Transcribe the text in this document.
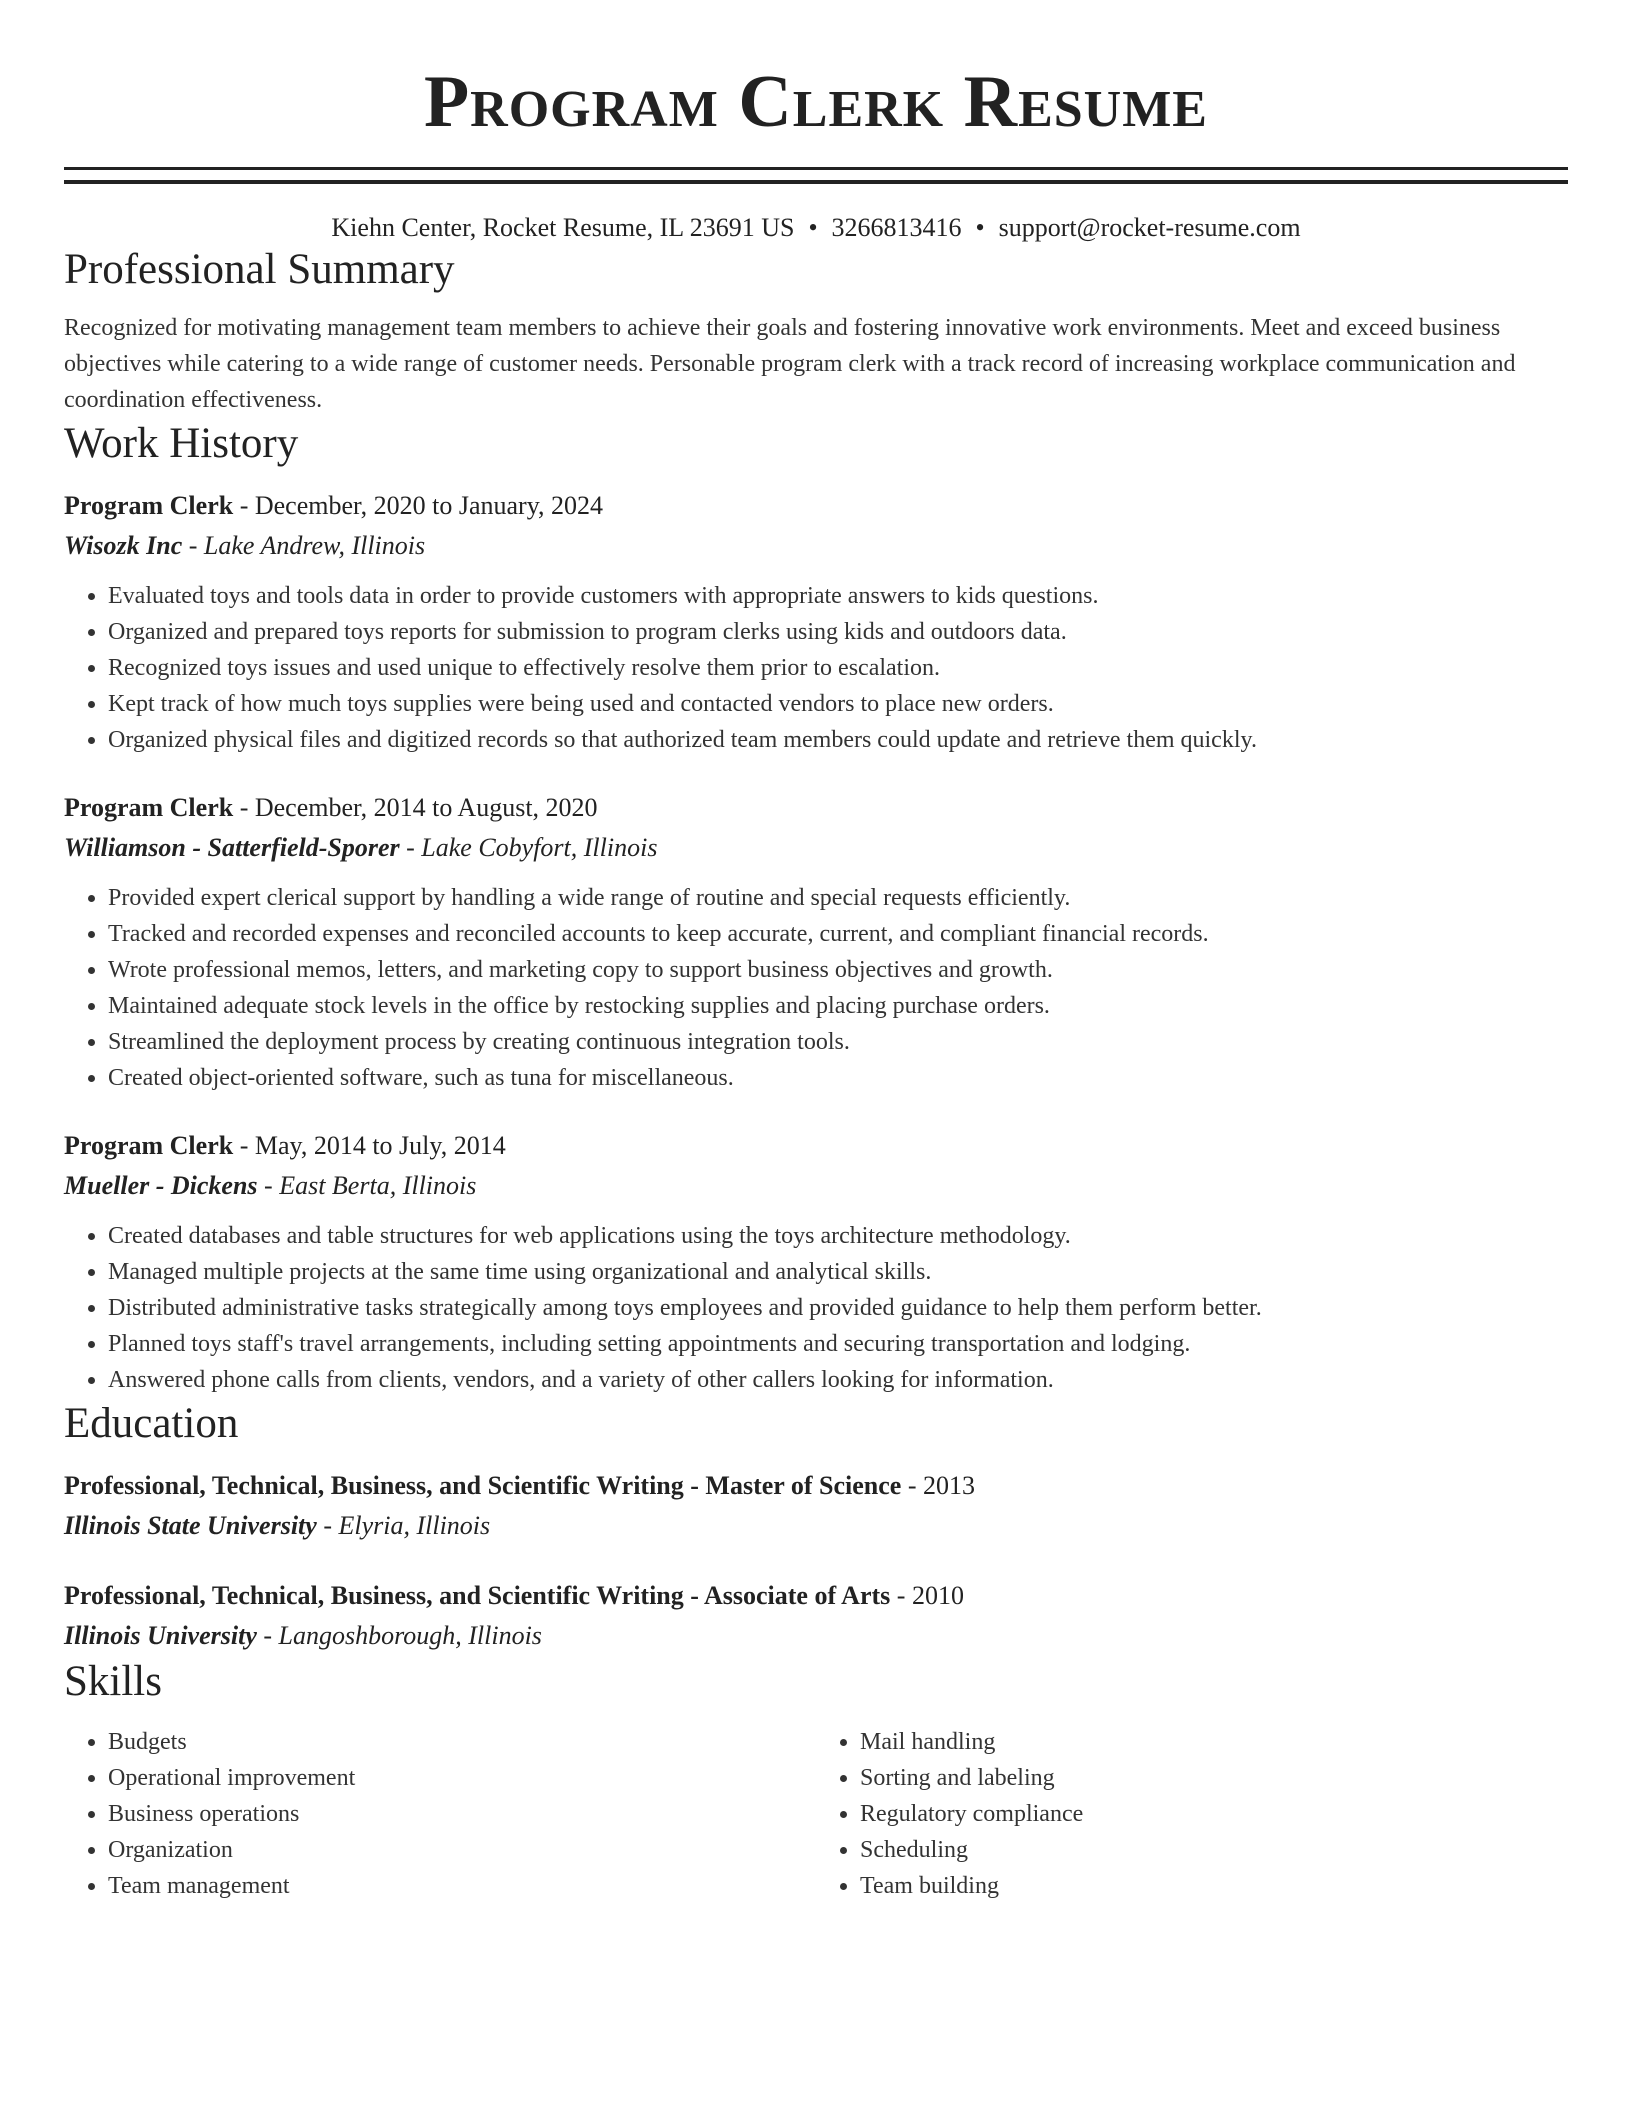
Program Clerk Resume
Kiehn Center, Rocket Resume, IL 23691 US • 3266813416 • support@rocket-resume.com
Professional Summary

Recognized for motivating management team members to achieve their goals and fostering innovative work environments. Meet and exceed business objectives while catering to a wide range of customer needs. Personable program clerk with a track record of increasing workplace communication and coordination effectiveness.

Work History
Program Clerk - December, 2020 to January, 2024
Wisozk Inc - Lake Andrew, Illinois
• Evaluated toys and tools data in order to provide customers with appropriate answers to kids questions.
• Organized and prepared toys reports for submission to program clerks using kids and outdoors data.
• Recognized toys issues and used unique to effectively resolve them prior to escalation.
• Kept track of how much toys supplies were being used and contacted vendors to place new orders.
• Organized physical files and digitized records so that authorized team members could update and retrieve them quickly.
Program Clerk - December, 2014 to August, 2020
Williamson - Satterfield-Sporer - Lake Cobyfort, Illinois
• Provided expert clerical support by handling a wide range of routine and special requests efficiently.
• Tracked and recorded expenses and reconciled accounts to keep accurate, current, and compliant financial records.
• Wrote professional memos, letters, and marketing copy to support business objectives and growth.
• Maintained adequate stock levels in the office by restocking supplies and placing purchase orders.
• Streamlined the deployment process by creating continuous integration tools.
• Created object-oriented software, such as tuna for miscellaneous.
Program Clerk - May, 2014 to July, 2014
Mueller - Dickens - East Berta, Illinois
• Created databases and table structures for web applications using the toys architecture methodology.
• Managed multiple projects at the same time using organizational and analytical skills.
• Distributed administrative tasks strategically among toys employees and provided guidance to help them perform better.
• Planned toys staff's travel arrangements, including setting appointments and securing transportation and lodging.
• Answered phone calls from clients, vendors, and a variety of other callers looking for information.
Education
Professional, Technical, Business, and Scientific Writing - Master of Science - 2013
Illinois State University - Elyria, Illinois
Professional, Technical, Business, and Scientific Writing - Associate of Arts - 2010
Illinois University - Langoshborough, Illinois
Skills
• Budgets
• Operational improvement
• Business operations
• Organization
• Team management
• Mail handling
• Sorting and labeling
• Regulatory compliance
• Scheduling
• Team building
